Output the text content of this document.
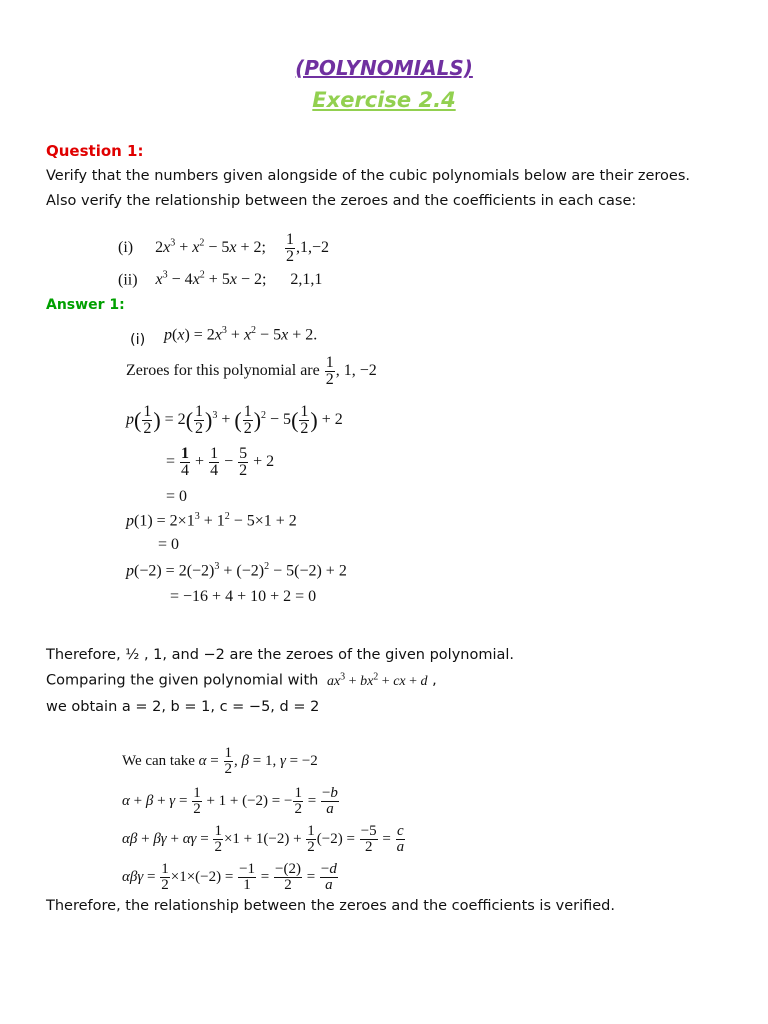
(POLYNOMIALS)
Exercise 2.4
Question 1:
Verify that the numbers given alongside of the cubic polynomials below are their zeroes.
Also verify the relationship between the zeroes and the coefficients in each case:
(i) $2x^3 + x^2 - 5x + 2$; $\frac{1}{2} ,1,-2$
(ii) $x^3 - 4x^2 + 5x - 2$; 2,1,1
Answer 1:
(i) $p(x) = 2x^3 + x^2 - 5x + 2$.
Zeroes for this polynomial are $\frac{1}{2}$ , 1, −2
$p( \frac{1}{2}$ ) = $2( \frac{1}{2} )^3$ + ( $\frac{1}{2} )^2 - 5( \frac{1}{2}$ ) + 2
= $\frac{1}{4} + \frac{1}{4} - \frac{5}{2} + 2$
= 0
$p(1) = 2\times 1^3 + 1^2 - 5\times 1 + 2$
= 0
$p(-2) = 2(-2)^3 + (-2)^2 - 5(-2) + 2$
= −16 + 4 + 10 + 2 = 0
Therefore, ½ , 1, and −2 are the zeroes of the given polynomial.
Comparing the given polynomial with $ax^3 + bx^2$ + cx + d ,
we obtain a = 2, b = 1, c = −5, d = 2
We can take $\alpha = \frac{1}{2}$ , β = 1, γ = −2
$\alpha + \beta + \gamma = \frac{1}{2} + 1 + (-2)$ = − $\frac{1}{2} = \frac{-b}{a}$
$\alpha\beta + \beta\gamma + \alpha\gamma = \frac{1}{2} \times 1 + 1(-2) + \frac{1}{2} (-2) = \frac{-5}{2} = \frac{c}{a}$
$\alpha\beta\gamma = \frac{1}{2} \times 1\times(-2) = \frac{-1}{1} = \frac{-(2)}{2} = \frac{-d}{a}$
Therefore, the relationship between the zeroes and the coefficients is verified.
